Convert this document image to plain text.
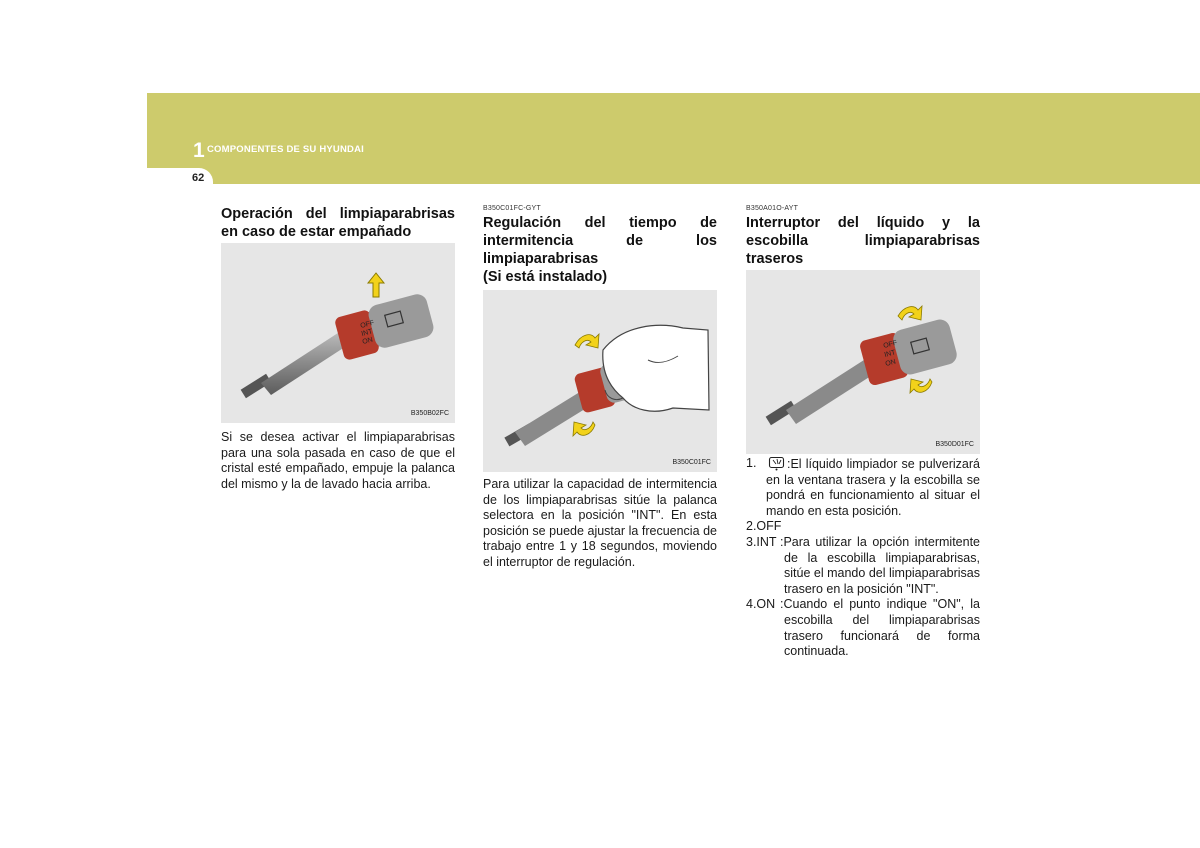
1 COMPONENTES DE SU HYUNDAI
62
Operación del limpiaparabrisas en caso de estar empañado
OFF
INT
ON
B350B02FC
Si se desea activar el limpiaparabrisas para una sola pasada en caso de que el cristal esté empañado, empuje la palanca del mismo y la de lavado hacia arriba.
B350C01FC-GYT
Regulación del tiempo de
intermitencia de los
limpiaparabrisas
(Si está instalado)
B350C01FC
Para utilizar la capacidad de intermitencia de los limpiaparabrisas sitúe la palanca selectora en la posición "INT". En esta posición se puede ajustar la frecuencia de trabajo entre 1 y 18 segundos, moviendo el interruptor de regulación.
B350A01O-AYT
Interruptor del líquido y la
escobilla limpiaparabrisas
traseros
OFF
INT
ON
B350D01FC
1.	:El líquido limpiador se pulverizará en la ventana trasera y la escobilla se pondrá en funcionamiento al situar el mando en esta posición.
2.OFF
3.INT :Para utilizar la opción intermitente de la escobilla limpiaparabrisas, sitúe el mando del limpiaparabrisas trasero en la posición "INT".
4.ON :Cuando el punto indique "ON", la escobilla del limpiaparabrisas trasero funcionará de forma continuada.
